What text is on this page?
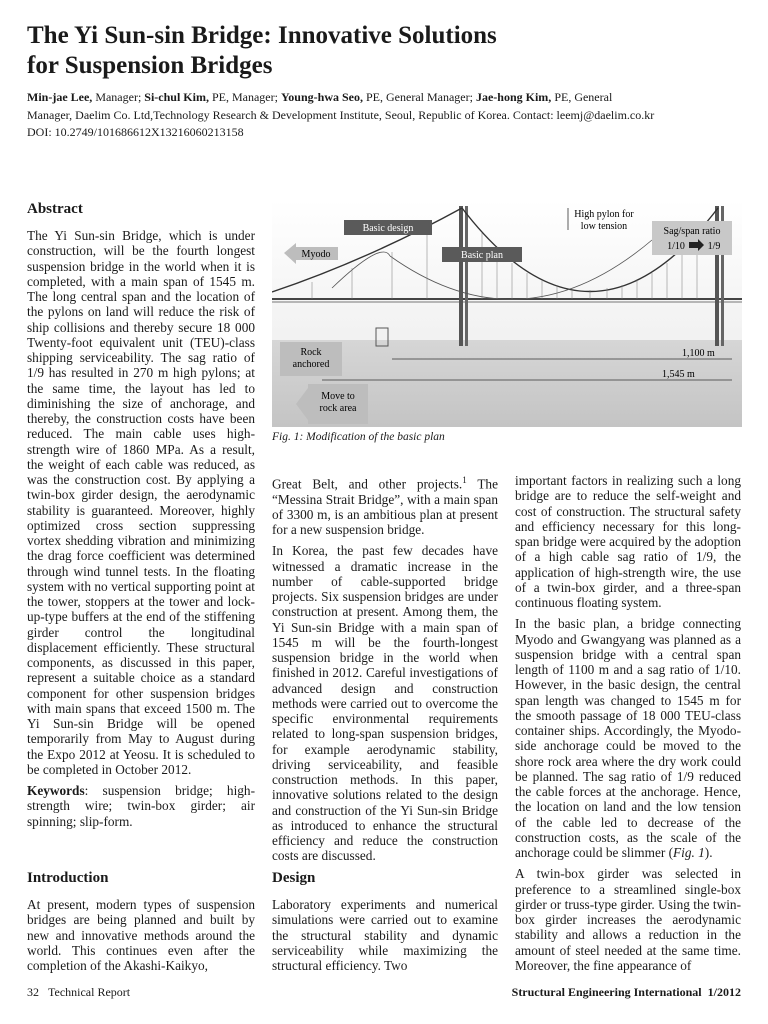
The Yi Sun-sin Bridge: Innovative Solutions
for Suspension Bridges
Min-jae Lee, Manager; Si-chul Kim, PE, Manager; Young-hwa Seo, PE, General Manager; Jae-hong Kim, PE, General
Manager, Daelim Co. Ltd,Technology Research & Development Institute, Seoul, Republic of Korea. Contact: leemj@daelim.co.kr
DOI: 10.2749/101686612X13216060213158
Abstract

The Yi Sun-sin Bridge, which is under construction, will be the fourth longest suspension bridge in the world when it is completed, with a main span of 1545 m. The long central span and the location of the pylons on land will reduce the risk of ship collisions and thereby secure 18 000 Twenty-foot equivalent unit (TEU)-class shipping serviceability. The sag ratio of 1/9 has resulted in 270 m high pylons; at the same time, the layout has led to diminishing the size of anchorage, and thereby, the construction costs have been reduced. The main cable uses high-strength wire of 1860 MPa. As a result, the weight of each cable was reduced, as was the construction cost. By applying a twin-box girder design, the aerodynamic stability is guaranteed. Moreover, highly optimized cross section suppressing vortex shedding vibration and minimizing the drag force coefficient was determined through wind tunnel tests. In the floating system with no vertical supporting point at the tower, stoppers at the tower and lock-up-type buffers at the end of the stiffening girder control the longitudinal displacement efficiently. These structural components, as discussed in this paper, represent a suitable choice as a standard component for other suspension bridges with main spans that exceed 1500 m. The Yi Sun-sin Bridge will be opened temporarily from May to August during the Expo 2012 at Yeosu. It is scheduled to be completed in October 2012.

Keywords: suspension bridge; high-strength wire; twin-box girder; air spinning; slip-form.

Introduction

At present, modern types of suspension bridges are being planned and built by new and innovative methods around the world. This continues even after the completion of the Akashi-Kaikyo,

1,100 m
1,545 m
Basic design
Basic plan
Myodo
High pylon for
low tension	Sag/span ratio
1/10 1/9
Rock
anchored
Move to
rock area
Fig. 1: Modification of the basic plan

Great Belt, and other projects.$^1$ The “Messina Strait Bridge”, with a main span of 3300 m, is an ambitious plan at present for a new suspension bridge.

In Korea, the past few decades have witnessed a dramatic increase in the number of cable-supported bridge projects. Six suspension bridges are under construction at present. Among them, the Yi Sun-sin Bridge with a main span of 1545 m will be the fourth-longest suspension bridge in the world when finished in 2012. Careful investigations of advanced design and construction methods were carried out to overcome the specific environmental requirements related to long-span suspension bridges, for example aerodynamic stability, driving serviceability, and feasible construction methods. In this paper, innovative solutions related to the design and construction of the Yi Sun-sin Bridge as introduced to enhance the structural efficiency and reduce the construction costs are discussed.

Design

Laboratory experiments and numerical simulations were carried out to examine the structural stability and dynamic serviceability while maximizing the structural efficiency. Two

important factors in realizing such a long bridge are to reduce the self-weight and cost of construction. The structural safety and efficiency necessary for this long-span bridge were acquired by the adoption of a high cable sag ratio of 1/9, the application of high-strength wire, the use of a twin-box girder, and a three-span continuous floating system.

In the basic plan, a bridge connecting Myodo and Gwangyang was planned as a suspension bridge with a central span length of 1100 m and a sag ratio of 1/10. However, in the basic design, the central span length was changed to 1545 m for the smooth passage of 18 000 TEU-class container ships. Accordingly, the Myodo-side anchorage could be moved to the shore rock area where the dry work could be planned. The sag ratio of 1/9 reduced the cable forces at the anchorage. Hence, the location on land and the low tension of the cable led to decrease of the construction costs, as the scale of the anchorage could be slimmer (Fig. 1).

A twin-box girder was selected in preference to a streamlined single-box girder or truss-type girder. Using the twin-box girder increases the aerodynamic stability and allows a reduction in the amount of steel needed at the same time. Moreover, the fine appearance of

32 Technical Report	Structural Engineering International 1/2012
